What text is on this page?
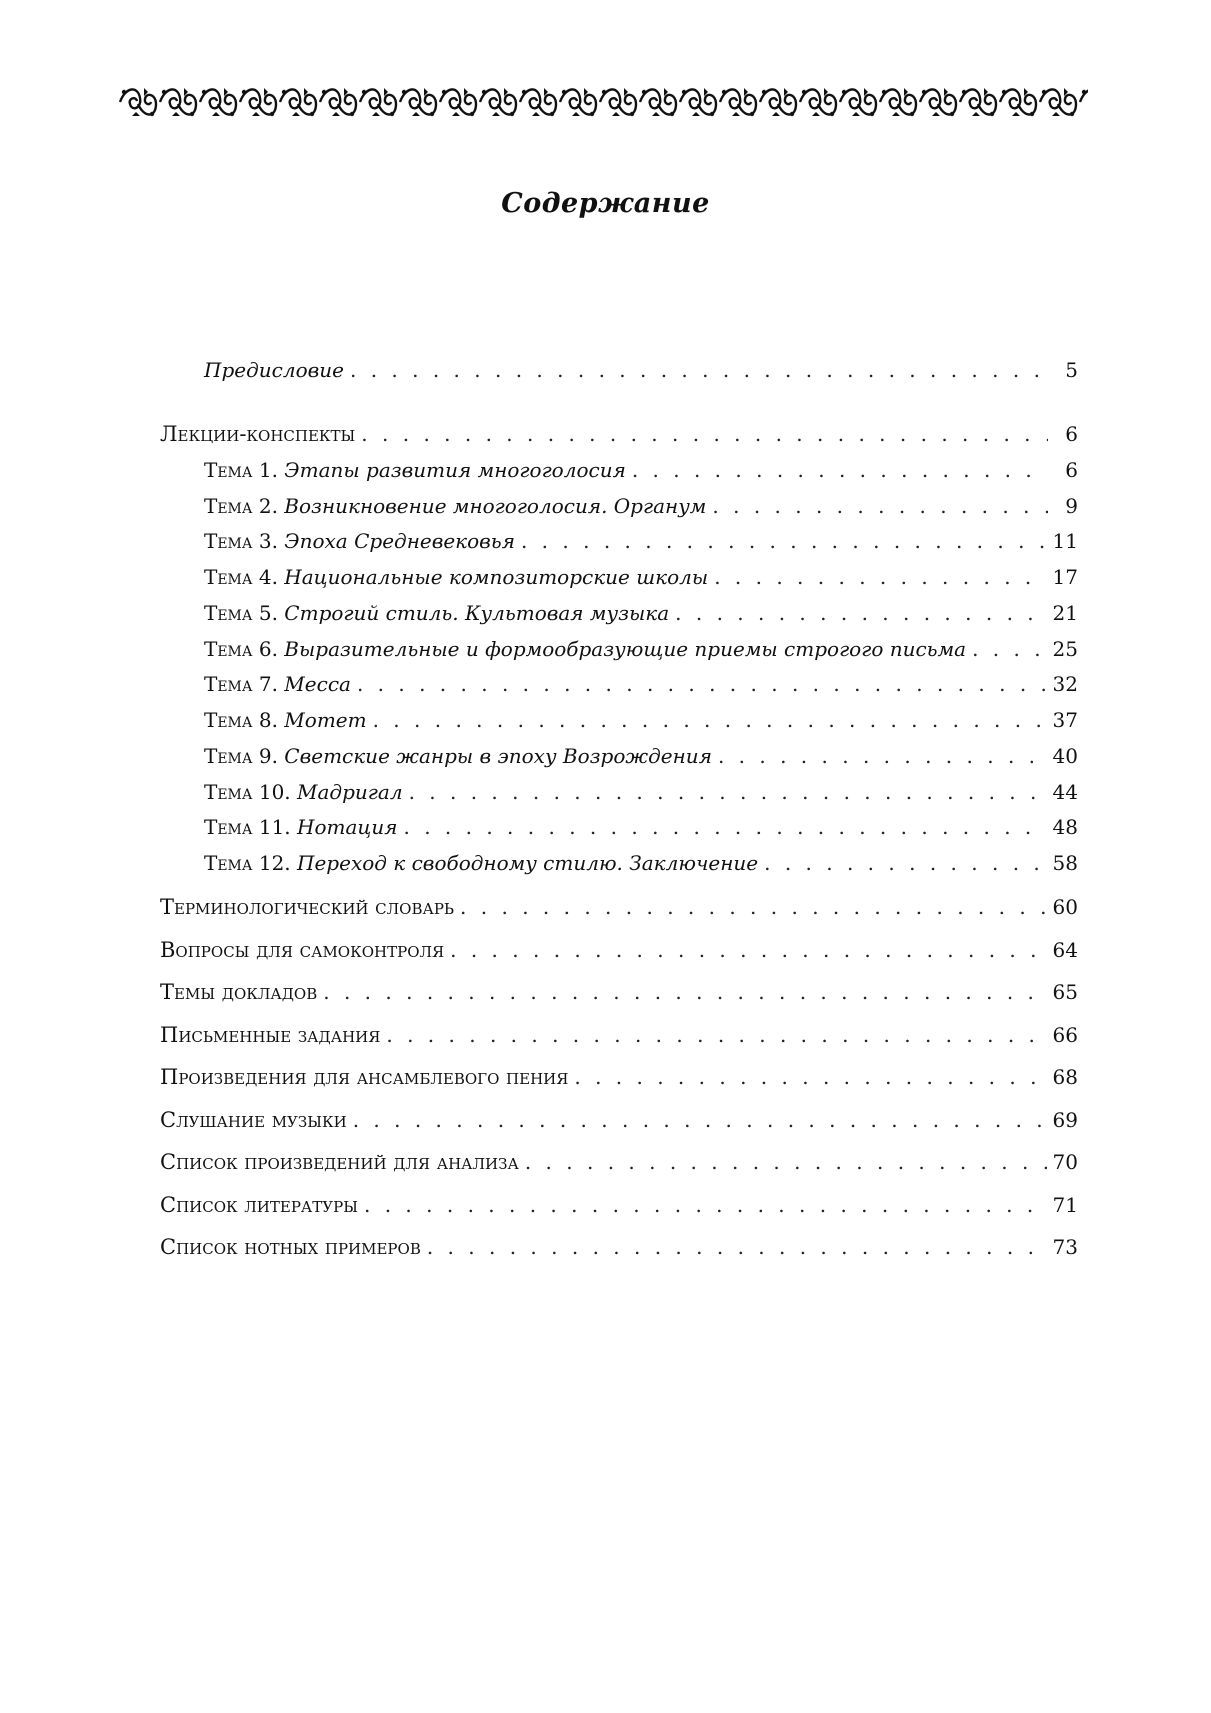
Содержание
Предисловие . . .	5
Лекции-конспекты . . .	6
Тема 1. Этапы развития многоголосия . . .	6
Тема 2. Возникновение многоголосия. Органум . . .	9
Тема 3. Эпоха Средневековья . . .	11
Тема 4. Национальные композиторские школы . . .	17
Тема 5. Строгий стиль. Культовая музыка . . .	21
Тема 6. Выразительные и формообразующие приемы строгого письма . . .	25
Тема 7. Месса . . .	32
Тема 8. Мотет . . .	37
Тема 9. Светские жанры в эпоху Возрождения . . .	40
Тема 10. Мадригал . . .	44
Тема 11. Нотация . . .	48
Тема 12. Переход к свободному стилю. Заключение . . .	58
Терминологический словарь . . .	60
Вопросы для самоконтроля . . .	64
Темы докладов . . .	65
Письменные задания . . .	66
Произведения для ансамблевого пения . . .	68
Слушание музыки . . .	69
Список произведений для анализа . . .	70
Список литературы . . .	71
Список нотных примеров . . .	73
